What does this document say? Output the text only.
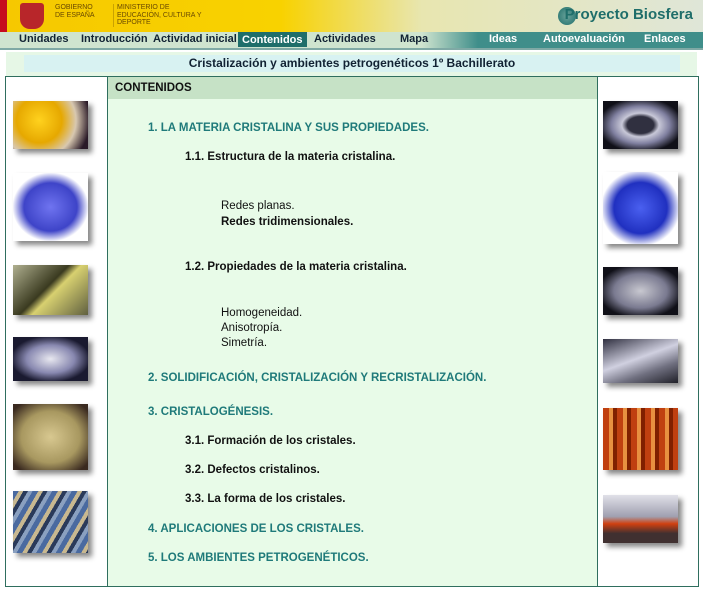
GOBIERNO DE ESPAÑA
MINISTERIO DE EDUCACIÓN, CULTURA Y DEPORTE	Proyecto Biosfera
Unidades Introducción Actividad inicial Contenidos	Actividades Mapa	Ideas Autoevaluación Enlaces
Cristalización y ambientes petrogenéticos 1º Bachillerato
CONTENIDOS
1. LA MATERIA CRISTALINA Y SUS PROPIEDADES.
1.1. Estructura de la materia cristalina.
Redes planas.
Redes tridimensionales.
1.2. Propiedades de la materia cristalina.
Homogeneidad.
Anisotropía.
Simetría.
2. SOLIDIFICACIÓN, CRISTALIZACIÓN Y RECRISTALIZACIÓN.
3. CRISTALOGÉNESIS.
3.1. Formación de los cristales.
3.2. Defectos cristalinos.
3.3. La forma de los cristales.
4. APLICACIONES DE LOS CRISTALES.
5. LOS AMBIENTES PETROGENÉTICOS.
